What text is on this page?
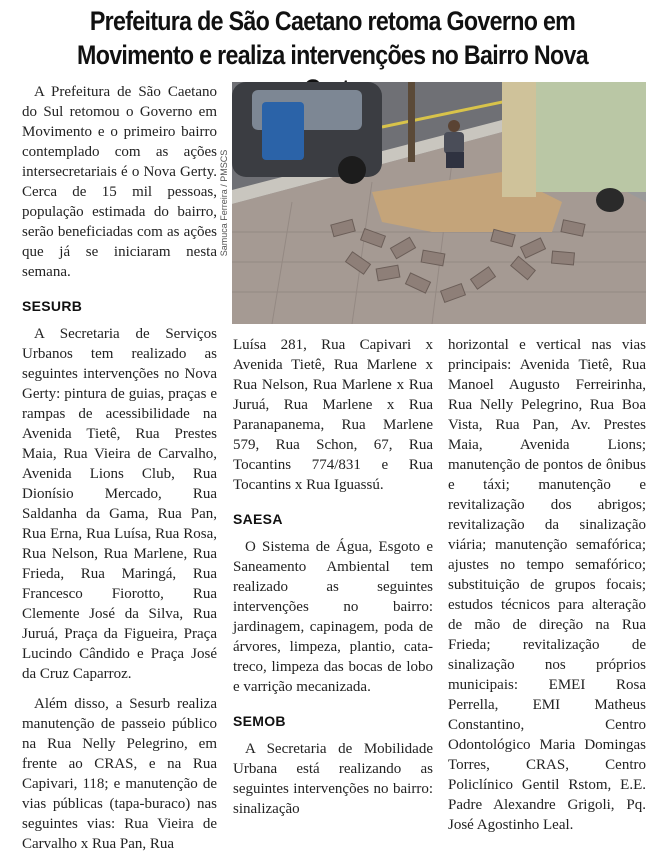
Prefeitura de São Caetano retoma Governo em
Movimento e realiza intervenções no Bairro Nova
Samuca Ferreira / PMSCS

A Prefeitura de São Caetano do Sul retomou o Governo em Movimento e o primeiro bairro contemplado com as ações intersecretariais é o Nova Gerty. Cerca de 15 mil pessoas, população estimada do bairro, serão beneficiadas com as ações que já se iniciaram nesta semana.

SESURB

A Secretaria de Serviços Urbanos tem realizado as seguintes intervenções no Nova Gerty: pintura de guias, praças e rampas de acessibilidade na Avenida Tietê, Rua Prestes Maia, Rua Vieira de Carvalho, Avenida Lions Club, Rua Dionísio Mercado, Rua Saldanha da Gama, Rua Pan, Rua Erna, Rua Luísa, Rua Rosa, Rua Nelson, Rua Marlene, Rua Frieda, Rua Maringá, Rua Francesco Fiorotto, Rua Clemente José da Silva, Rua Juruá, Praça da Figueira, Praça Lucindo Cândido e Praça José da Cruz Caparroz.

Além disso, a Sesurb realiza manutenção de passeio público na Rua Nelly Pelegrino, em frente ao CRAS, e na Rua Capivari, 118; e manutenção de vias públicas (tapa-buraco) nas seguintes vias: Rua Vieira de Carvalho x Rua Pan, Rua

Luísa 281, Rua Capivari x Avenida Tietê, Rua Marlene x Rua Nelson, Rua Marlene x Rua Juruá, Rua Marlene x Rua Paranapanema, Rua Marlene 579, Rua Schon, 67, Rua Tocantins 774/831 e Rua Tocantins x Rua Iguassú.

SAESA

O Sistema de Água, Esgoto e Saneamento Ambiental tem realizado as seguintes intervenções no bairro: jardinagem, capinagem, poda de árvores, limpeza, plantio, cata-treco, limpeza das bocas de lobo e varrição mecanizada.

SEMOB

A Secretaria de Mobilidade Urbana está realizando as seguintes intervenções no bairro: sinalização

horizontal e vertical nas vias principais: Avenida Tietê, Rua Manoel Augusto Ferreirinha, Rua Nelly Pelegrino, Rua Boa Vista, Rua Pan, Av. Prestes Maia, Avenida Lions; manutenção de pontos de ônibus e táxi; manutenção e revitalização dos abrigos; revitalização da sinalização viária; manutenção semafórica; ajustes no tempo semafórico; substituição de grupos focais; estudos técnicos para alteração de mão de direção na Rua Frieda; revitalização de sinalização nos próprios municipais: EMEI Rosa Perrella, EMI Matheus Constantino, Centro Odontológico Maria Domingas Torres, CRAS, Centro Policlínico Gentil Rstom, E.E. Padre Alexandre Grigoli, Pq. José Agostinho Leal.
